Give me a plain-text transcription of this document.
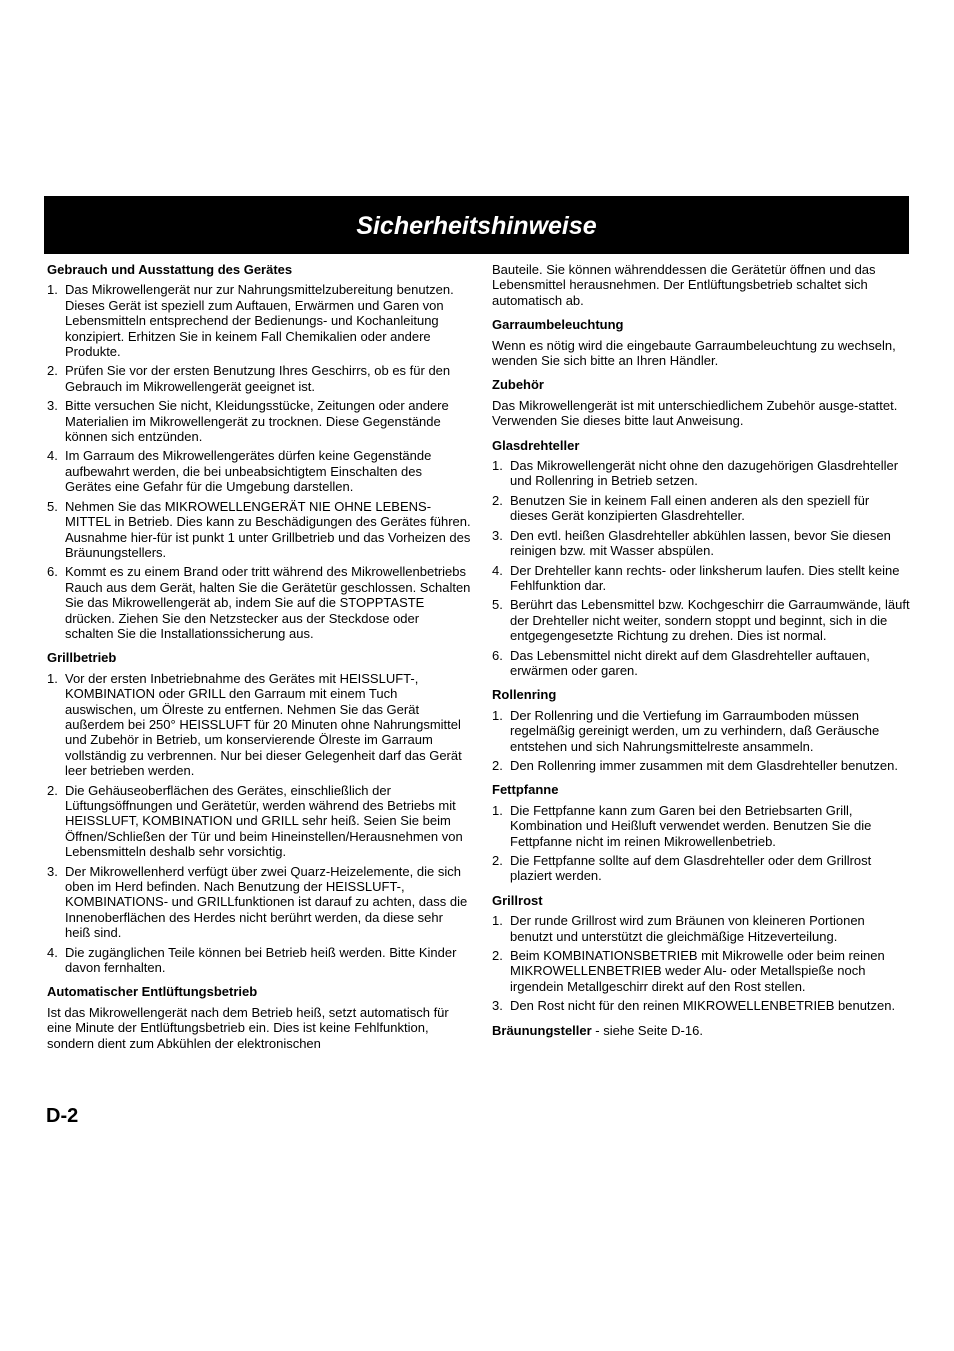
Sicherheitshinweise
Gebrauch und Ausstattung des Gerätes
1. Das Mikrowellengerät nur zur Nahrungsmittelzubereitung benutzen. Dieses Gerät ist speziell zum Auftauen, Erwärmen und Garen von Lebensmitteln entsprechend der Bedienungs- und Kochanleitung konzipiert. Erhitzen Sie in keinem Fall Chemikalien oder andere Produkte.
2. Prüfen Sie vor der ersten Benutzung Ihres Geschirrs, ob es für den Gebrauch im Mikrowellengerät geeignet ist.
3. Bitte versuchen Sie nicht, Kleidungsstücke, Zeitungen oder andere Materialien im Mikrowellengerät zu trocknen. Diese Gegenstände können sich entzünden.
4. Im Garraum des Mikrowellengerätes dürfen keine Gegenstände aufbewahrt werden, die bei unbeabsichtigtem Einschalten des Gerätes eine Gefahr für die Umgebung darstellen.
5. Nehmen Sie das MIKROWELLENGERÄT NIE OHNE LEBENS-MITTEL in Betrieb. Dies kann zu Beschädigungen des Gerätes führen. Ausnahme hier-für ist punkt 1 unter Grillbetrieb und das Vorheizen des Bräunungstellers.
6. Kommt es zu einem Brand oder tritt während des Mikrowellenbetriebs Rauch aus dem Gerät, halten Sie die Gerätetür geschlossen. Schalten Sie das Mikrowellengerät ab, indem Sie auf die STOPPTASTE drücken. Ziehen Sie den Netzstecker aus der Steckdose oder schalten Sie die Installationssicherung aus.
Grillbetrieb
1. Vor der ersten Inbetriebnahme des Gerätes mit HEISSLUFT-, KOMBINATION oder GRILL den Garraum mit einem Tuch auswischen, um Ölreste zu entfernen. Nehmen Sie das Gerät außerdem bei 250° HEISSLUFT für 20 Minuten ohne Nahrungsmittel und Zubehör in Betrieb, um konservierende Ölreste im Garraum vollständig zu verbrennen. Nur bei dieser Gelegenheit darf das Gerät leer betrieben werden.
2. Die Gehäuseoberflächen des Gerätes, einschließlich der Lüftungsöffnungen und Gerätetür, werden während des Betriebs mit HEISSLUFT, KOMBINATION und GRILL sehr heiß. Seien Sie beim Öffnen/Schließen der Tür und beim Hineinstellen/Herausnehmen von Lebensmitteln deshalb sehr vorsichtig.
3. Der Mikrowellenherd verfügt über zwei Quarz-Heizelemente, die sich oben im Herd befinden. Nach Benutzung der HEISSLUFT-, KOMBINATIONS- und GRILLfunktionen ist darauf zu achten, dass die Innenoberflächen des Herdes nicht berührt werden, da diese sehr heiß sind.
4. Die zugänglichen Teile können bei Betrieb heiß werden. Bitte Kinder davon fernhalten.
Automatischer Entlüftungsbetrieb
Ist das Mikrowellengerät nach dem Betrieb heiß, setzt automatisch für eine Minute der Entlüftungsbetrieb ein. Dies ist keine Fehlfunktion, sondern dient zum Abkühlen der elektronischen
Bauteile. Sie können währenddessen die Gerätetür öffnen und das Lebensmittel herausnehmen. Der Entlüftungsbetrieb schaltet sich automatisch ab.
Garraumbeleuchtung
Wenn es nötig wird die eingebaute Garraumbeleuchtung zu wechseln, wenden Sie sich bitte an Ihren Händler.
Zubehör
Das Mikrowellengerät ist mit unterschiedlichem Zubehör ausge-stattet. Verwenden Sie dieses bitte laut Anweisung.
Glasdrehteller
1. Das Mikrowellengerät nicht ohne den dazugehörigen Glasdrehteller und Rollenring in Betrieb setzen.
2. Benutzen Sie in keinem Fall einen anderen als den speziell für dieses Gerät konzipierten Glasdrehteller.
3. Den evtl. heißen Glasdrehteller abkühlen lassen, bevor Sie diesen reinigen bzw. mit Wasser abspülen.
4. Der Drehteller kann rechts- oder linksherum laufen. Dies stellt keine Fehlfunktion dar.
5. Berührt das Lebensmittel bzw. Kochgeschirr die Garraumwände, läuft der Drehteller nicht weiter, sondern stoppt und beginnt, sich in die entgegengesetzte Richtung zu drehen. Dies ist normal.
6. Das Lebensmittel nicht direkt auf dem Glasdrehteller auftauen, erwärmen oder garen.
Rollenring
1. Der Rollenring und die Vertiefung im Garraumboden müssen regelmäßig gereinigt werden, um zu verhindern, daß Geräusche entstehen und sich Nahrungsmittelreste ansammeln.
2. Den Rollenring immer zusammen mit dem Glasdrehteller benutzen.
Fettpfanne
1. Die Fettpfanne kann zum Garen bei den Betriebsarten Grill, Kombination und Heißluft verwendet werden. Benutzen Sie die Fettpfanne nicht im reinen Mikrowellenbetrieb.
2. Die Fettpfanne sollte auf dem Glasdrehteller oder dem Grillrost plaziert werden.
Grillrost
1. Der runde Grillrost wird zum Bräunen von kleineren Portionen benutzt und unterstützt die gleichmäßige Hitzeverteilung.
2. Beim KOMBINATIONSBETRIEB mit Mikrowelle oder beim reinen MIKROWELLENBETRIEB weder Alu- oder Metallspieße noch irgendein Metallgeschirr direkt auf den Rost stellen.
3. Den Rost nicht für den reinen MIKROWELLENBETRIEB benutzen.
Bräunungsteller - siehe Seite D-16.
D-2
